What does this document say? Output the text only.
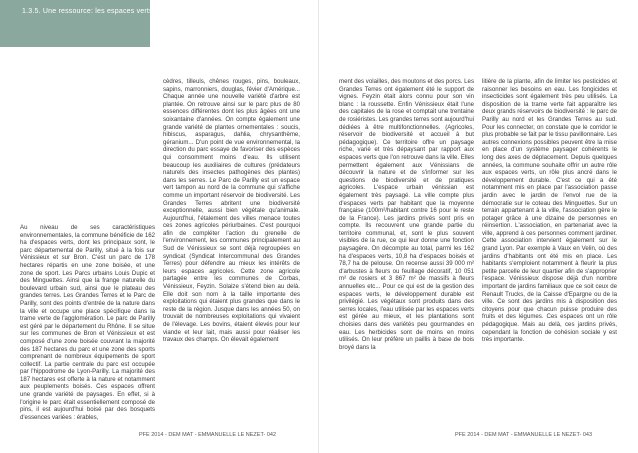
1.3.5. Une ressource: les espaces verts:

Au niveau de ses caractéristiques environnementales, la commune bénéficie de 162 ha d'espaces verts, dont les principaux sont, le parc départemental de Parilly, situé à la fois sur Vénissieux et sur Bron. C'est un parc de 178 hectares répartis en une zone boisée, et une zone de sport. Les Parcs urbains Louis Dupic et des Minguettes. Ainsi que la frange naturelle du boulevard urbain sud, ainsi que le plateau des grandes terres. Les Grandes Terres et le Parc de Parilly, sont des points d'entrée de la nature dans la ville et occupe une place spécifique dans la trame verte de l'agglomération. Le parc de Parilly est géré par le département du Rhône. Il se situe sur les communes de Bron et Vénissieux et est composé d'une zone boisée couvrant la majorité des 187 hectares du parc et une zone des sports comprenant de nombreux équipements de sport collectif. La partie centrale du parc est occupée par l'hippodrome de Lyon-Parilly. La majorité des 187 hectares est offerte à la nature et notamment aux peuplements boisés. Ces espaces offrent une grande variété de paysages. En effet, si à l'origine le parc était essentiellement composé de pins, il est aujourd'hui boisé par des bosquets d'essences variées : érables,

cèdres, tilleuls, chênes rouges, pins, bouleaux, sapins, marronniers, douglas, févier d'Amérique... Chaque année une nouvelle variété d'arbre est plantée. On retrouve ainsi sur le parc plus de 80 essences différentes dont les plus âgées ont une soixantaine d'années. On compte également une grande variété de plantes ornementales : soucis, hibiscus, asparagus, dahlia, chrysanthème, géranium... D'un point de vue environnemental, la direction du parc essaye de favoriser des espèces qui consomment moins d'eau. Ils utilisent beaucoup les auxiliaires de cultures (prédateurs naturels des insectes pathogènes des plantes) dans les serres. Le Parc de Parilly est un espace vert tampon au nord de la commune qui s'affiche comme un important réservoir de biodiversité. Les Grandes Terres abritent une biodiversité exceptionnelle, aussi bien végétale qu'animale. Aujourd'hui, l'étalement des villes menace toutes ces zones agricoles périurbaines. C'est pourquoi afin de compléter l'action du grenelle de l'environnement, les communes principalement au Sud de Vénissieux se sont déjà regroupées en syndicat (Syndicat Intercommunal des Grandes Terres) pour défendre au mieux les intérêts de leurs espaces agricoles. Cette zone agricole partagée entre les communes de Corbas, Vénissieux, Feyzin. Solaize s'étend bien au delà. Elle doit son nom à la taille importante des exploitations qui étaient plus grandes que dans le reste de la région. Jusque dans les années 50, on trouvait de nombreuses exploitations qui vivaient de l'élevage. Les bovins, étaient élevés pour leur viande et leur lait, mais aussi pour réaliser les travaux des champs. On élevait également

PFE 2014 - DEM MAT - EMMANUELLE LE NEZET- 042

ment des volailles, des moutons et des porcs. Les Grandes Terres ont également été le support de vignes. Feyzin était alors connu pour son vin blanc : la roussette. Enfin Vénissieux était l'une des capitales de la rose et comptait une trentaine de rosiéristes. Les grandes terres sont aujourd'hui dédiées à être multifonctionnelles. (Agricoles, réservoir de biodiversité et accueil à but pédagogique). Ce territoire offre un paysage riche, varié et très dépaysant par rapport aux espaces verts que l'on retrouve dans la ville. Elles permettent également aux Vénissians de découvrir la nature et de s'informer sur les questions de biodiversité et de pratiques agricoles. L'espace urbain vénissian est également très paysagé. La ville compte plus d'espaces verts par habitant que la moyenne française (100m²/habitant contre 16 pour le reste de la France). Les jardins privés sont pris en compte. Ils recouvrent une grande partie du territoire communal, et, sont le plus souvent visibles de la rue, ce qui leur donne une fonction paysagère. On décompte au total, parmi les 162 ha d'espaces verts, 10,8 ha d'espaces boisés et 78,7 ha de pelouse. On recense aussi 39 000 m² d'arbustes à fleurs ou feuillage décoratif, 10 051 m² de rosiers et 3 867 m² de massifs à fleurs annuelles etc... Pour ce qui est de la gestion des espaces verts, le développement durable est privilégié. Les végétaux sont produits dans des serres locales, l'eau utilisée par les espaces verts est gérée au mieux, et les plantations sont choisies dans des variétés peu gourmandes en eau. Les herbicides sont de moins en moins utilisés. On leur préfère un paillis à base de bois broyé dans la

litière de la plante, afin de limiter les pesticides et raisonner les besoins en eau. Les fongicides et insecticides sont également très peu utilisés. La disposition de la trame verte fait apparaître les deux grands réservoirs de biodiversité : le parc de Parilly au nord et les Grandes Terres au sud. Pour les connecter, on constate que le corridor le plus probable se fait par le tissu pavillonnaire. Les autres connexions possibles peuvent être la mise en place d'un système paysager cohérents le long des axes de déplacement. Depuis quelques années, la commune souhaite offrir un autre rôle aux espaces verts, un rôle plus ancré dans le développement durable. C'est ce qui a été notamment mis en place par l'association passe jardin avec le jardin de l'envol rue de la démocratie sur le coteau des Minguettes. Sur un terrain appartenant à la ville, l'association gère le potager grâce à une dizaine de personnes en réinsertion. L'association, en partenariat avec la ville, apprend à ces personnes comment jardiner. Cette association intervient également sur le grand Lyon. Par exemple à Vaux en Velin, où des jardins d'habitants ont été mis en place. Les habitants s'emploient notamment à fleurir la plus petite parcelle de leur quartier afin de s'approprier l'espace. Vénissieux dispose déjà d'un nombre important de jardins familiaux que ce soit ceux de Renault Trucks, de la Caisse d'Epargne ou de la ville. Ce sont des jardins mis à disposition des citoyens pour que chacun puisse produire des fruits et des légumes. Ces espaces ont un rôle pédagogique. Mais au delà, ces jardins privés, cependant la fonction de cohésion sociale y est très importante.

PFE 2014 - DEM MAT - EMMANUELLE LE NEZET- 043
